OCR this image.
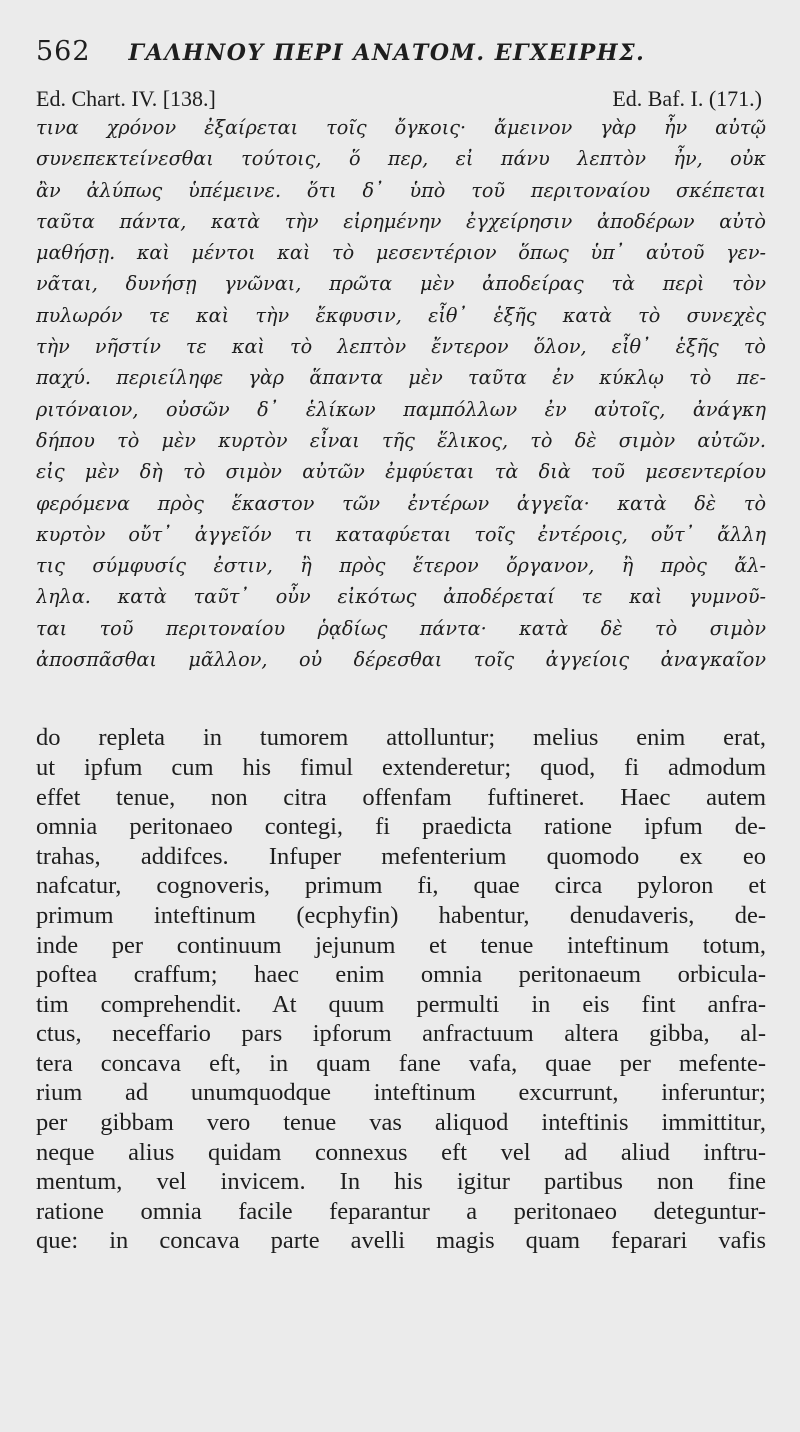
562 ΓΑΛΗΝΟΥ ΠΕΡΙ ΑΝΑΤΟΜ. ΕΓΧΕΙΡΗΣ.
Ed. Chart. IV. [138.]	Ed. Baf. I. (171.)
τινα χρόνον ἐξαίρεται τοῖς ὄγκοις· ἄμεινον γὰρ ἦν αὐτῷ
συνεπεκτείνεσθαι τούτοις, ὅ περ, εἰ πάνυ λεπτὸν ἦν, οὐκ
ἂν ἀλύπως ὑπέμεινε. ὅτι δ᾽ ὑπὸ τοῦ περιτοναίου σκέπεται
ταῦτα πάντα, κατὰ τὴν εἰρημένην ἐγχείρησιν ἀποδέρων αὐτὸ
μαθήσῃ. καὶ μέντοι καὶ τὸ μεσεντέριον ὅπως ὑπ᾽ αὐτοῦ γεν-
νᾶται, δυνήσῃ γνῶναι, πρῶτα μὲν ἀποδείρας τὰ περὶ τὸν
πυλωρόν τε καὶ τὴν ἔκφυσιν, εἶθ᾽ ἑξῆς κατὰ τὸ συνεχὲς
τὴν νῆστίν τε καὶ τὸ λεπτὸν ἔντερον ὅλον, εἶθ᾽ ἑξῆς τὸ
παχύ. περιείληφε γὰρ ἅπαντα μὲν ταῦτα ἐν κύκλῳ τὸ πε-
ριτόναιον, οὐσῶν δ᾽ ἑλίκων παμπόλλων ἐν αὐτοῖς, ἀνάγκη
δήπου τὸ μὲν κυρτὸν εἶναι τῆς ἕλικος, τὸ δὲ σιμὸν αὐτῶν.
εἰς μὲν δὴ τὸ σιμὸν αὐτῶν ἐμφύεται τὰ διὰ τοῦ μεσεντερίου
φερόμενα πρὸς ἕκαστον τῶν ἐντέρων ἀγγεῖα· κατὰ δὲ τὸ
κυρτὸν οὔτ᾽ ἀγγεῖόν τι καταφύεται τοῖς ἐντέροις, οὔτ᾽ ἄλλη
τις σύμφυσίς ἐστιν, ἢ πρὸς ἕτερον ὄργανον, ἢ πρὸς ἄλ-
ληλα. κατὰ ταῦτ᾽ οὖν εἰκότως ἀποδέρεταί τε καὶ γυμνοῦ-
ται τοῦ περιτοναίου ῥᾳδίως πάντα· κατὰ δὲ τὸ σιμὸν
ἀποσπᾶσθαι μᾶλλον, οὐ δέρεσθαι τοῖς ἀγγείοις ἀναγκαῖον
do repleta in tumorem attolluntur; melius enim erat,
ut ipfum cum his fimul extenderetur; quod, fi admodum
effet tenue, non citra offenfam fuftineret. Haec autem
omnia peritonaeo contegi, fi praedicta ratione ipfum de-
trahas, addifces. Infuper mefenterium quomodo ex eo
nafcatur, cognoveris, primum fi, quae circa pyloron et
primum inteftinum (ecphyfin) habentur, denudaveris, de-
inde per continuum jejunum et tenue inteftinum totum,
poftea craffum; haec enim omnia peritonaeum orbicula-
tim comprehendit. At quum permulti in eis fint anfra-
ctus, neceffario pars ipforum anfractuum altera gibba, al-
tera concava eft, in quam fane vafa, quae per mefente-
rium ad unumquodque inteftinum excurrunt, inferuntur;
per gibbam vero tenue vas aliquod inteftinis immittitur,
neque alius quidam connexus eft vel ad aliud inftru-
mentum, vel invicem. In his igitur partibus non fine
ratione omnia facile feparantur a peritonaeo deteguntur-
que: in concava parte avelli magis quam feparari vafis
